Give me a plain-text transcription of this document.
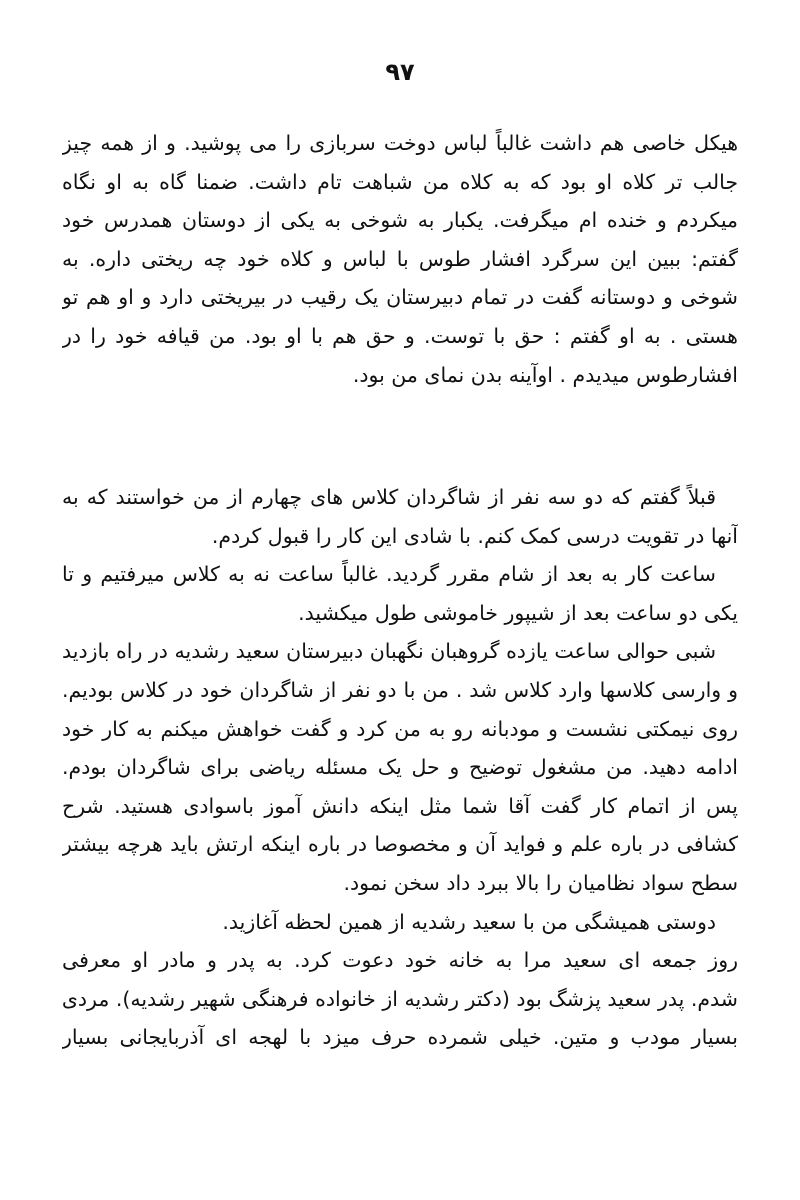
۹۷
هیکل خاصی هم داشت غالباً لباس دوخت سربازی را می پوشید. و از همه چیز
جالب تر کلاه او بود که به کلاه من شباهت تام داشت. ضمنا گاه به او نگاه
میکردم و خنده ام میگرفت. یکبار به شوخی به یکی از دوستان همدرس خود
گفتم: ببین این سرگرد افشار طوس با لباس و کلاه خود چه ریختی داره. به
شوخی و دوستانه گفت در تمام دبیرستان یک رقیب در بیریختی دارد و او هم تو
هستی . به او گفتم : حق با توست. و حق هم با او بود. من قیافه خود را در
افشارطوس میدیدم . اوآینه بدن نمای من بود.
قبلاً گفتم که دو سه نفر از شاگردان کلاس های چهارم از من خواستند که به
آنها در تقویت درسی کمک کنم. با شادی این کار را قبول کردم.
ساعت کار به بعد از شام مقرر گردید. غالباً ساعت نه به کلاس میرفتیم و تا
یکی دو ساعت بعد از شیپور خاموشی طول میکشید.
شبی حوالی ساعت یازده گروهبان نگهبان دبیرستان سعید رشدیه در راه بازدید
و وارسی کلاسها وارد کلاس شد . من با دو نفر از شاگردان خود در کلاس بودیم.
روی نیمکتی نشست و مودبانه رو به من کرد و گفت خواهش میکنم به کار خود
ادامه دهید. من مشغول توضیح و حل یک مسئله ریاضی برای شاگردان بودم.
پس از اتمام کار گفت آقا شما مثل اینکه دانش آموز باسوادی هستید. شرح
کشافی در باره علم و فواید آن و مخصوصا در باره اینکه ارتش باید هرچه بیشتر
سطح سواد نظامیان را بالا ببرد داد سخن نمود.
دوستی همیشگی من با سعید رشدیه از همین لحظه آغازید.
روز جمعه ای سعید مرا به خانه خود دعوت کرد. به پدر و مادر او معرفی
شدم. پدر سعید پزشگ بود (دکتر رشدیه از خانواده فرهنگی شهیر رشدیه). مردی
بسیار مودب و متین. خیلی شمرده حرف میزد با لهجه ای آذربایجانی بسیار
